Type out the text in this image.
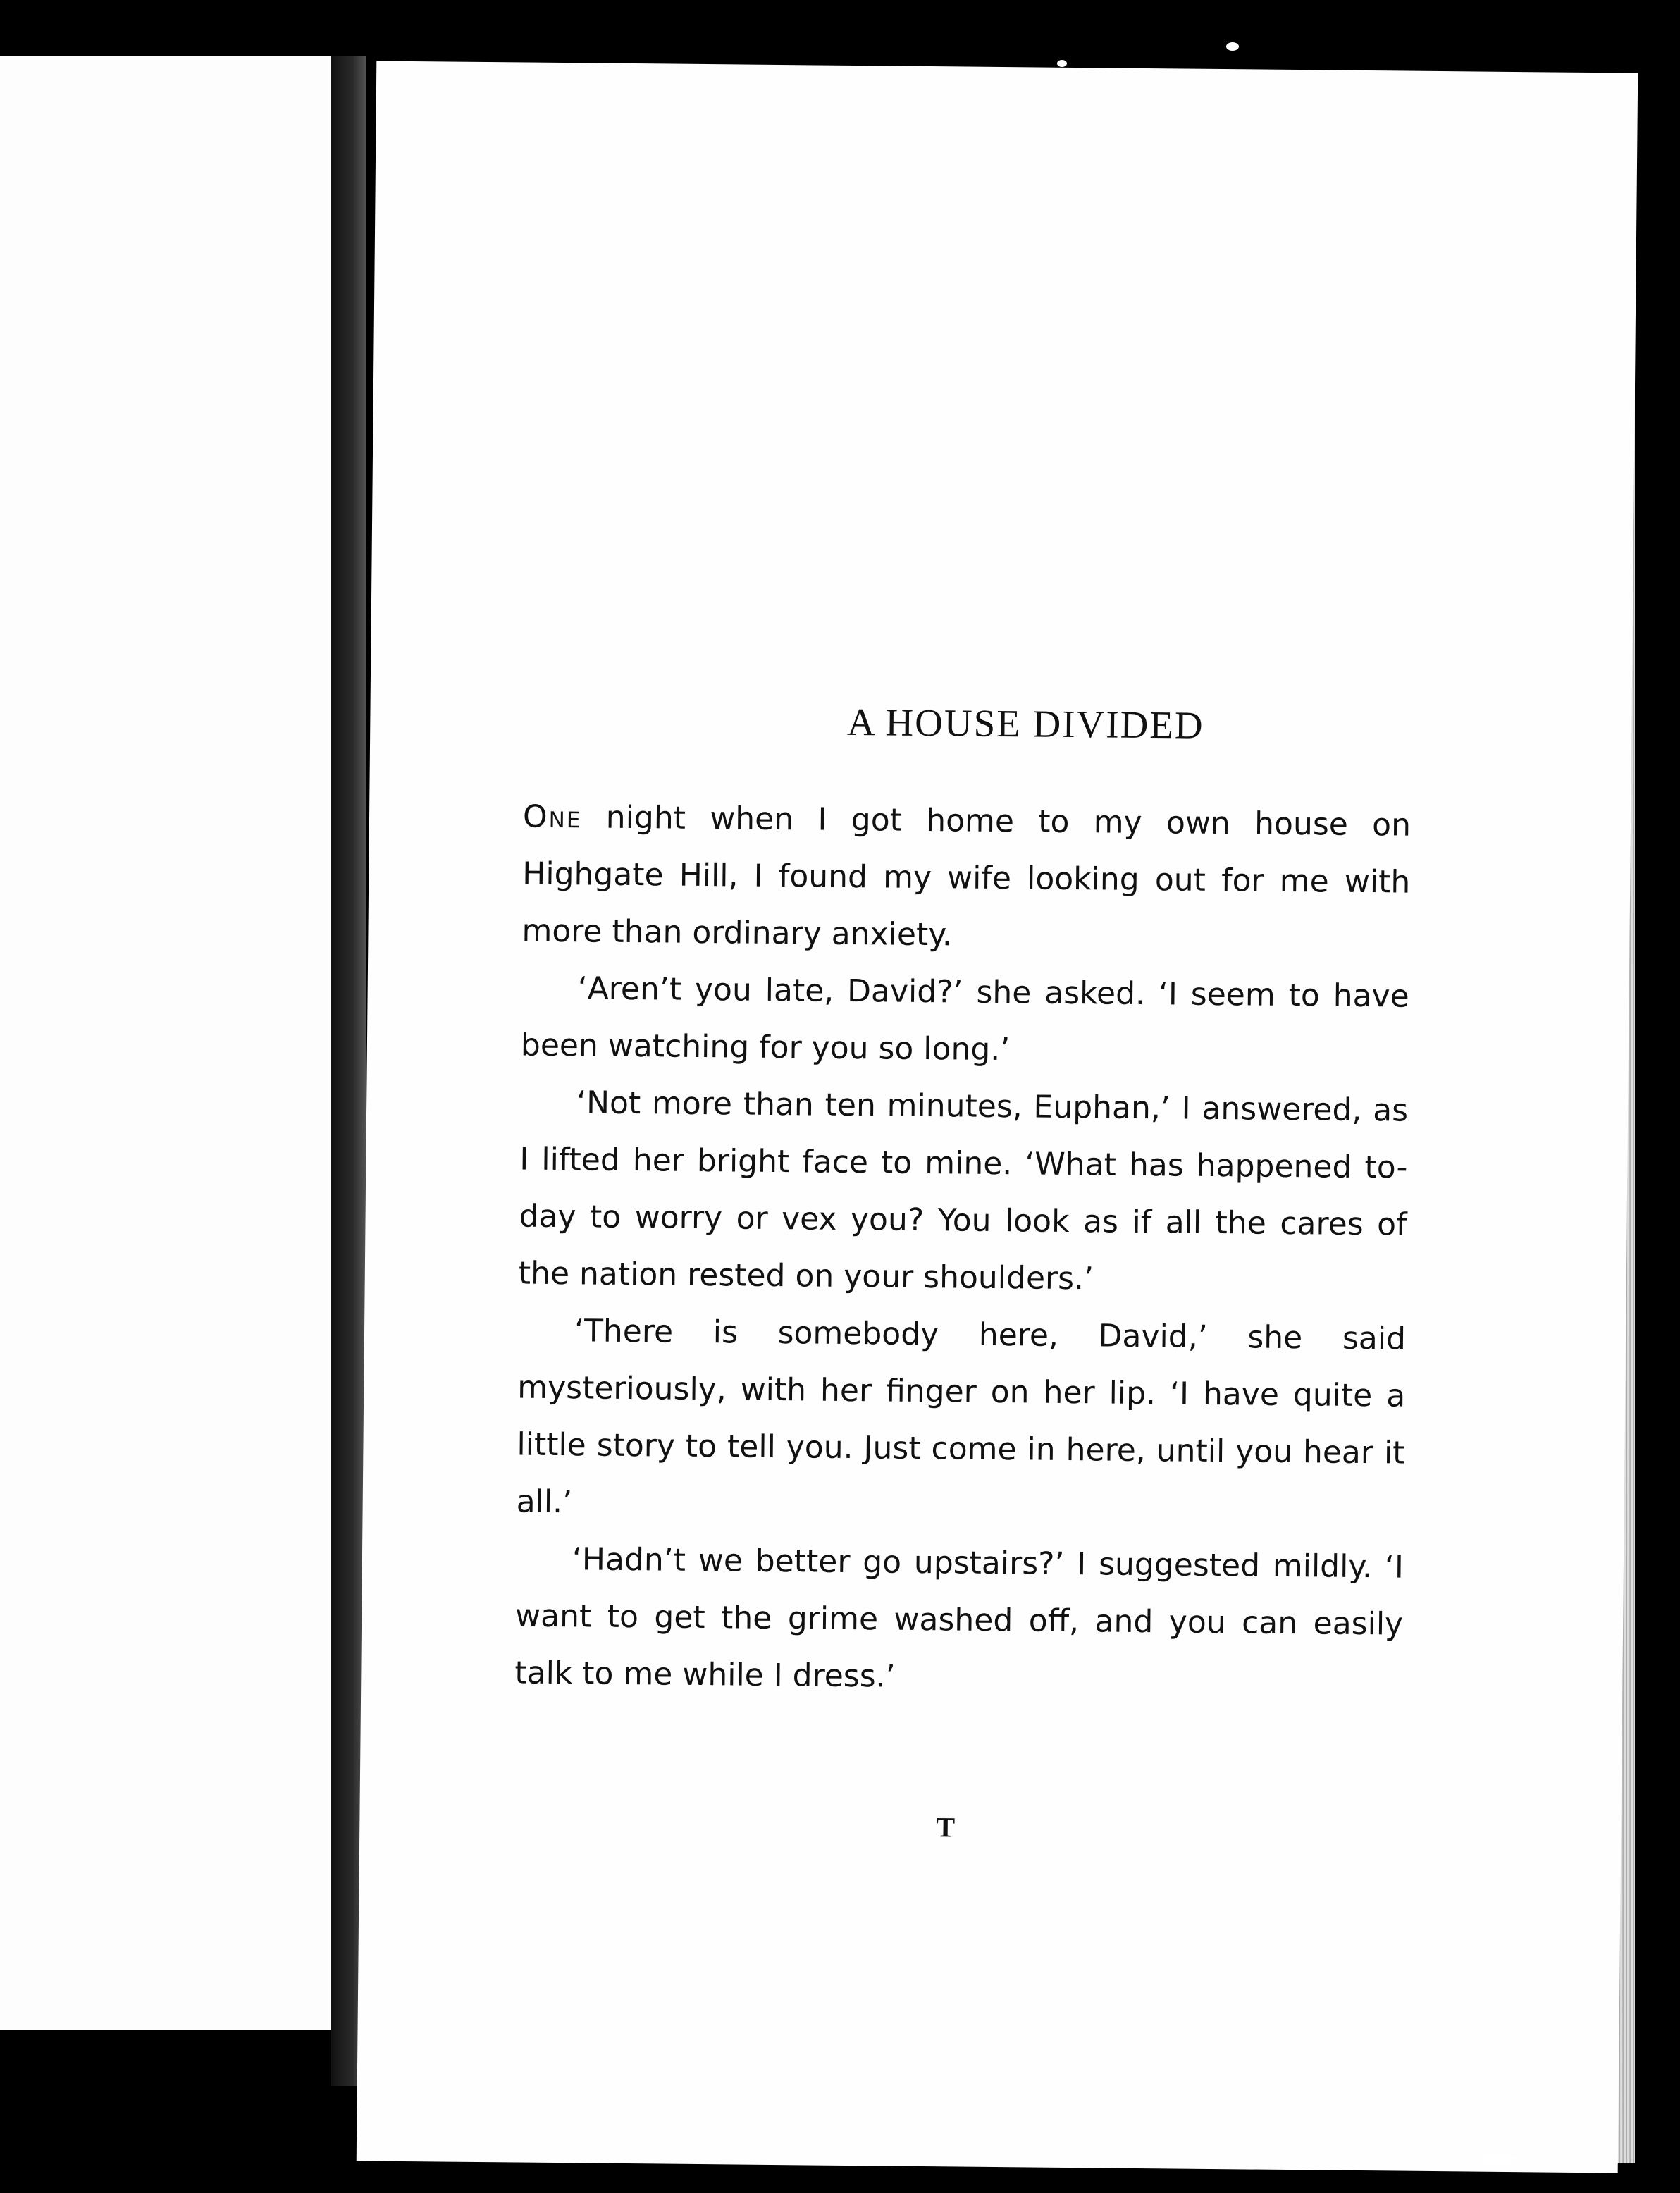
A HOUSE DIVIDED

One night when I got home to my own house on Highgate Hill, I found my wife looking out for me with more than ordinary anxiety.

‘Aren’t you late, David?’ she asked. ‘I seem to have been watching for you so long.’

‘Not more than ten minutes, Euphan,’ I answered, as I lifted her bright face to mine. ‘What has happened to-day to worry or vex you? You look as if all the cares of the nation rested on your shoulders.’

‘There is somebody here, David,’ she said mysteriously, with her finger on her lip. ‘I have quite a little story to tell you. Just come in here, until you hear it all.’

‘Hadn’t we better go upstairs?’ I suggested mildly. ‘I want to get the grime washed off, and you can easily talk to me while I dress.’

T
